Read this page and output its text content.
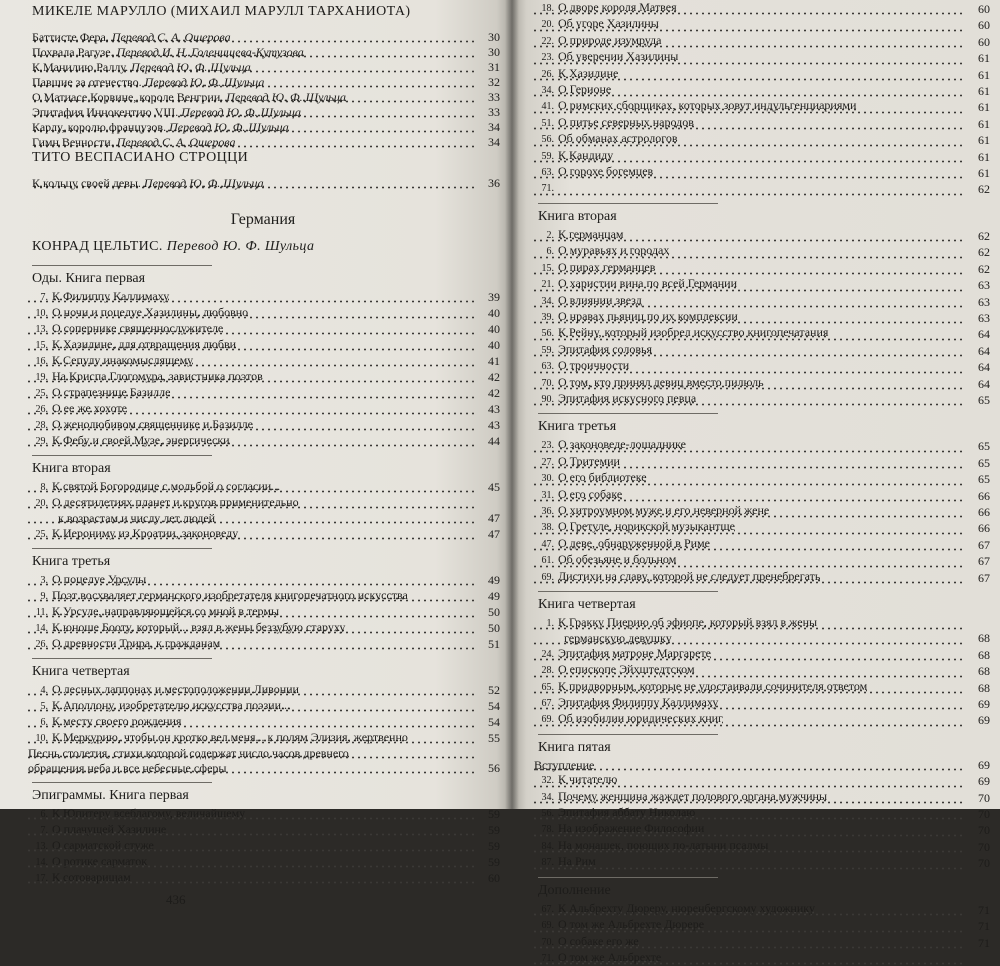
МИКЕЛЕ МАРУЛЛО (МИХАИЛ МАРУЛЛ ТАРХАНИОТА)
Баттисте Фера. Перевод С. А. Ошерова	30
Похвала Рагузе. Перевод И. Н. Голенищева-Кутузова	30
К Манилию Раллу. Перевод Ю. Ф. Шульца	31
Павшие за отечество. Перевод Ю. Ф. Шульца	32
О Матиасе Корвине, короле Венгрии. Перевод Ю. Ф. Шульца	33
Эпитафия Иннокентию VIII. Перевод Ю. Ф. Шульца	33
Карлу, королю французов. Перевод Ю. Ф. Шульца	34
Гимн Вечности. Перевод С. А. Ошерова	34
ТИТО ВЕСПАСИАНО СТРОЦЦИ
К кольцу своей девы. Перевод Ю. Ф. Шульца	36
Германия
КОНРАД ЦЕЛЬТИС. Перевод Ю. Ф. Шульца
Оды. Книга первая
7. К Филиппу Каллимаху	39
10. О ночи и поцелуе Хазилины, любовно	40
13. О сопернике священнослужителе	40
15. К Хазилине, для отвращения любви	40
16. К Сепулу инакомыслящему	41
19. На Криспа Глогомура, завистника поэтов	42
25. О страпезнице Базилле	42
26. О ее же хохоте	43
28. О женолюбивом священнике и Базилле	43
29. К Фебу и своей Музе, энергически	44
Книга вторая
8. К святой Богородице с мольбой о согласии...	45
20. О десятилетиях планет и кругов применительно
к возрастам и числу лет людей	47
25. К Иерониму из Кроатии, законоведу	47
Книга третья
3. О поцелуе Урсулы	49
9. Поэт восхваляет германского изобретателя книгопечатного искусства	49
11. К Урсуле, направляющейся со мной в термы	50
14. К юноше Бооту, который... взял в жены беззубую старуху	50
26. О древности Трира, к гражданам	51
Книга четвертая
4. О лесных лаппонах и местоположении Ливонии	52
5. К Аполлону, изобретателю искусства поэзии...	54
6. К месту своего рождения	54
10. К Меркурию, чтобы он кротко вел меня... к полям Элизия, жертвенно	55
Песнь столетия, стихи которой содержат число часов древнего
обращения неба и все небесные сферы	56
Эпиграммы. Книга первая
6. К Юпитеру всеблагому, величайшему	59
7. О плачущей Хазилине	59
13. О сарматской стуже	59
14. О ротике сарматок	59
17. К сотоварищам	60
436
18. О дворе короля Матвея	60
20. Об угоре Хазилины	60
22. О природе изумруда	60
23. Об уверении Хазилины	61
26. К Хазилине	61
34. О Герионе	61
41. О римских сборщиках, которых зовут индульгенциариями	61
51. О питье северных народов	61
56. Об обманах астрологов	61
59. К Кандиду	61
63. О горохе богемцев	61
71.	62
Книга вторая
2. К германцам	62
6. О муравьях и городах	62
15. О пирах германцев	62
21. О харистии вина по всей Германии	63
34. О влиянии звезд	63
39. О нравах пьяниц по их комплексии	63
56. К Рейну, который изобрел искусство книгопечатания	64
59. Эпитафия соловья	64
63. О троичности	64
70. О том, кто принял девиц вместо пилюль	64
90. Эпитафия искусного певца	65
Книга третья
23. О законоведе-лошаднике	65
27. О Тритемии	65
30. О его библиотеке	65
31. О его собаке	66
36. О хитроумном муже и его неверной жене	66
38. О Гретуле, норикской музыкантше	66
47. О деве, обнаруженной в Риме	67
61. Об обезьяне и больном	67
69. Дистихи на славу, которой не следует пренебрегать	67
Книга четвертая
1. К Гракку Пиерию об эфиопе, который взял в жены
германскую девушку	68
24. Эпитафия матроне Маргарете	68
28. О епископе Эйхштедтском	68
65. К придворным, которые не удостаивали сочинителя ответом	68
67. Эпитафия Филиппу Каллимаху	69
69. Об изобилии юридических книг	69
Книга пятая
Вступление	69
32. К читателю	69
34. Почему женщина жаждет полового органа мужчины	70
56. Эпитафия аббату Николаю	70
78. На изображение Философии	70
84. На монашек, поющих по-латыни псалмы	70
87. На Рим	70
Дополнение
67. К Альбрехту Дюреру, нюренбергскому художнику	71
69. О том же Альбрехте Дюрере	71
70. О собаке его же	71
71. О том же Альбрехте
